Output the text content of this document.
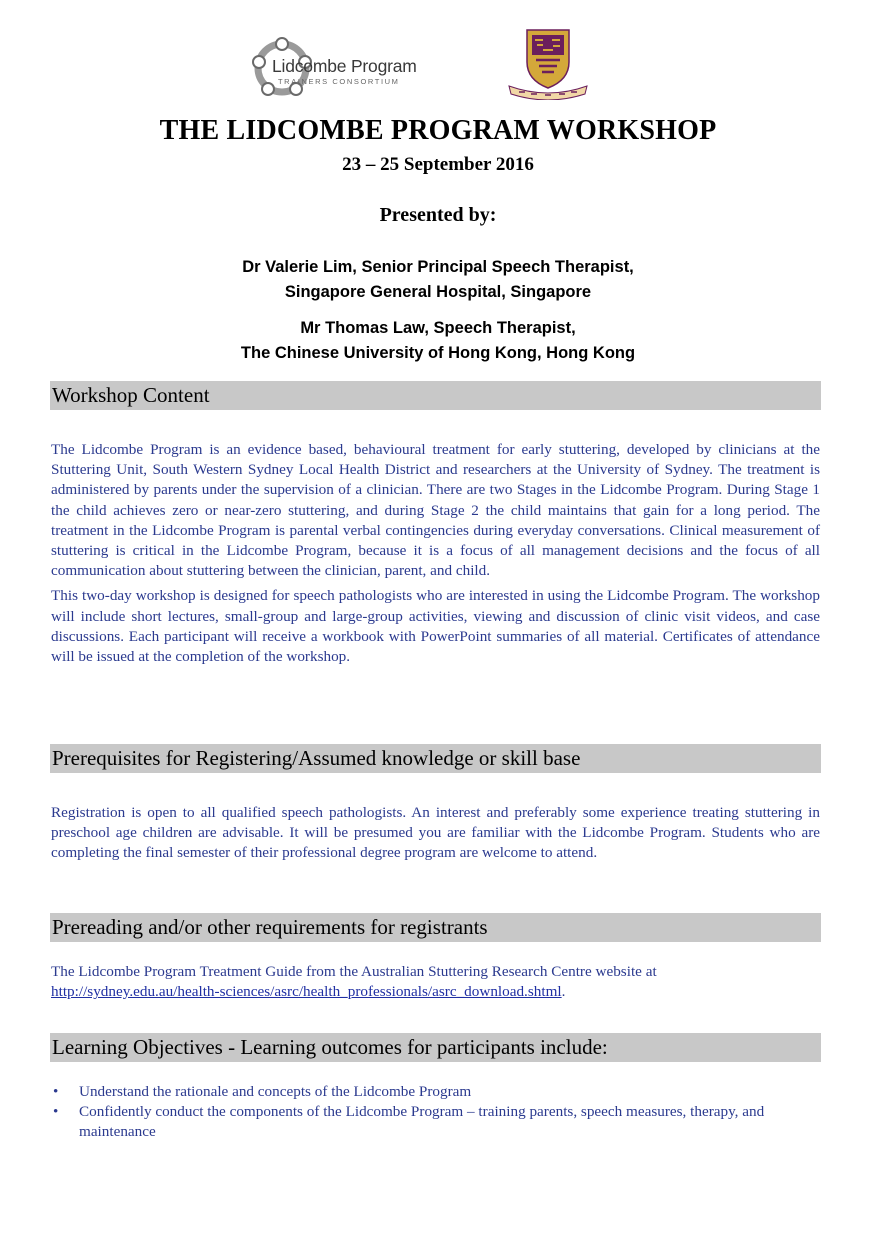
Lidcombe Program
TRAINERS CONSORTIUM
THE LIDCOMBE PROGRAM WORKSHOP
23 – 25 September 2016
Presented by:
Dr Valerie Lim, Senior Principal Speech Therapist,
Singapore General Hospital, Singapore
Mr Thomas Law, Speech Therapist,
The Chinese University of Hong Kong, Hong Kong
Workshop Content

The Lidcombe Program is an evidence based, behavioural treatment for early stuttering, developed by clinicians at the Stuttering Unit, South Western Sydney Local Health District and researchers at the University of Sydney. The treatment is administered by parents under the supervision of a clinician. There are two Stages in the Lidcombe Program. During Stage 1 the child achieves zero or near-zero stuttering, and during Stage 2 the child maintains that gain for a long period. The treatment in the Lidcombe Program is parental verbal contingencies during everyday conversations. Clinical measurement of stuttering is critical in the Lidcombe Program, because it is a focus of all management decisions and the focus of all communication about stuttering between the clinician, parent, and child.

This two-day workshop is designed for speech pathologists who are interested in using the Lidcombe Program. The workshop will include short lectures, small-group and large-group activities, viewing and discussion of clinic visit videos, and case discussions. Each participant will receive a workbook with PowerPoint summaries of all material. Certificates of attendance will be issued at the completion of the workshop.

Prerequisites for Registering/Assumed knowledge or skill base

Registration is open to all qualified speech pathologists. An interest and preferably some experience treating stuttering in preschool age children are advisable. It will be presumed you are familiar with the Lidcombe Program. Students who are completing the final semester of their professional degree program are welcome to attend.

Prereading and/or other requirements for registrants
The Lidcombe Program Treatment Guide from the Australian Stuttering Research Centre website at
http://sydney.edu.au/health-sciences/asrc/health_professionals/asrc_download.shtml.
Learning Objectives - Learning outcomes for participants include:
• Understand the rationale and concepts of the Lidcombe Program
• Confidently conduct the components of the Lidcombe Program – training parents, speech measures, therapy, and maintenance
